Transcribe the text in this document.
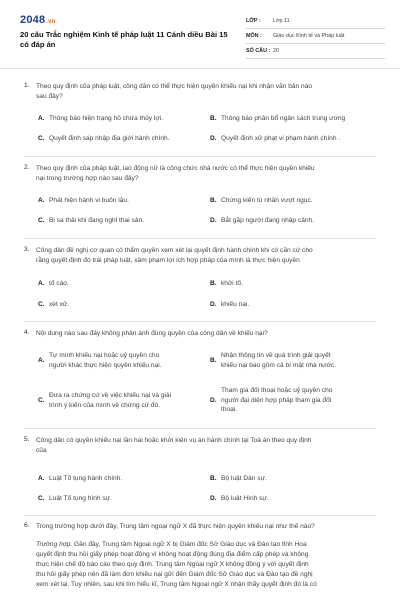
2048.vn
20 câu Trắc nghiệm Kinh tế pháp luật 11 Cánh diều Bài 15 có đáp án
LỚP :	Lớp 11
MÔN :	Giáo dục Kinh tế và Pháp luật
SỐ CÂU : 20
1. Theo quy định của pháp luật, công dân có thể thực hiện quyền khiếu nại khi nhận văn bản nào
sau đây?
A. Thông báo hiện trạng hồ chứa thủy lợi.	B. Thông báo phân bổ ngân sách trung ương
C. Quyết định sáp nhập địa giới hành chính.	D. Quyết định xử phạt vi phạm hành chính .
2. Theo quy định của pháp luật, lao động nữ là công chức nhà nước có thể thực hiện quyền khiếu
nại trong trường hợp nào sau đây?
A. Phát hiện hành vi buôn lậu.	B. Chứng kiến tù nhân vượt ngục.
C. Bị sa thải khi đang nghỉ thai sản.	D. Bắt gặp người đang nhập cảnh.
3. Công dân đề nghị cơ quan có thẩm quyền xem xét lại quyết định hành chính khi có căn cứ cho
rằng quyết định đó trái pháp luật, xâm phạm lợi ích hợp pháp của mình là thực hiện quyền
A. tố cáo.	B. khởi tố.
C. xét xử.	D. khiếu nại.
4. Nội dung nào sau đây không phản ánh đúng quyền của công dân về khiếu nại?
A.
Tự mình khiếu nại hoặc uỷ quyền cho
người khác thực hiện quyền khiếu nại.
B.
Nhận thông tin về quá trình giải quyết
khiếu nại bao gồm cả bí mật nhà nước.
C.
Đưa ra chứng cứ về việc khiếu nại và giải
trình ý kiến của mình về chứng cứ đó.
D.
Tham gia đối thoại hoặc uỷ quyền cho
người đại diện hợp pháp tham gia đối
thoại.
5. Công dân có quyền khiếu nại lần hai hoặc khởi kiện vụ án hành chính tại Toà án theo quy định
của
A. Luật Tố tụng hành chính.	B. Bộ luật Dân sự.
C. Luật Tố tụng hình sự.	D. Bộ luật Hình sự.
6. Trong trường hợp dưới đây, Trung tâm ngoại ngữ X đã thực hiện quyền khiếu nại như thế nào?
Trường hợp. Gần đây, Trung tâm Ngoại ngữ X bị Giám đốc Sở Giáo dục và Đào tạo tỉnh Hoa
quyết định thu hồi giấy phép hoạt động vì không hoạt động đúng địa điểm cấp phép và không
thực hiện chế độ báo cáo theo quy định. Trung tâm Ngoại ngữ X không đồng ý với quyết định
thu hồi giấy phép nên đã làm đơn khiếu nại gửi đến Giám đốc Sở Giáo dục và Đào tạo đề nghị
xem xét lại. Tuy nhiên, sau khi tìm hiểu kĩ, Trung tâm Ngoại ngữ X nhận thấy quyết định đó là có
